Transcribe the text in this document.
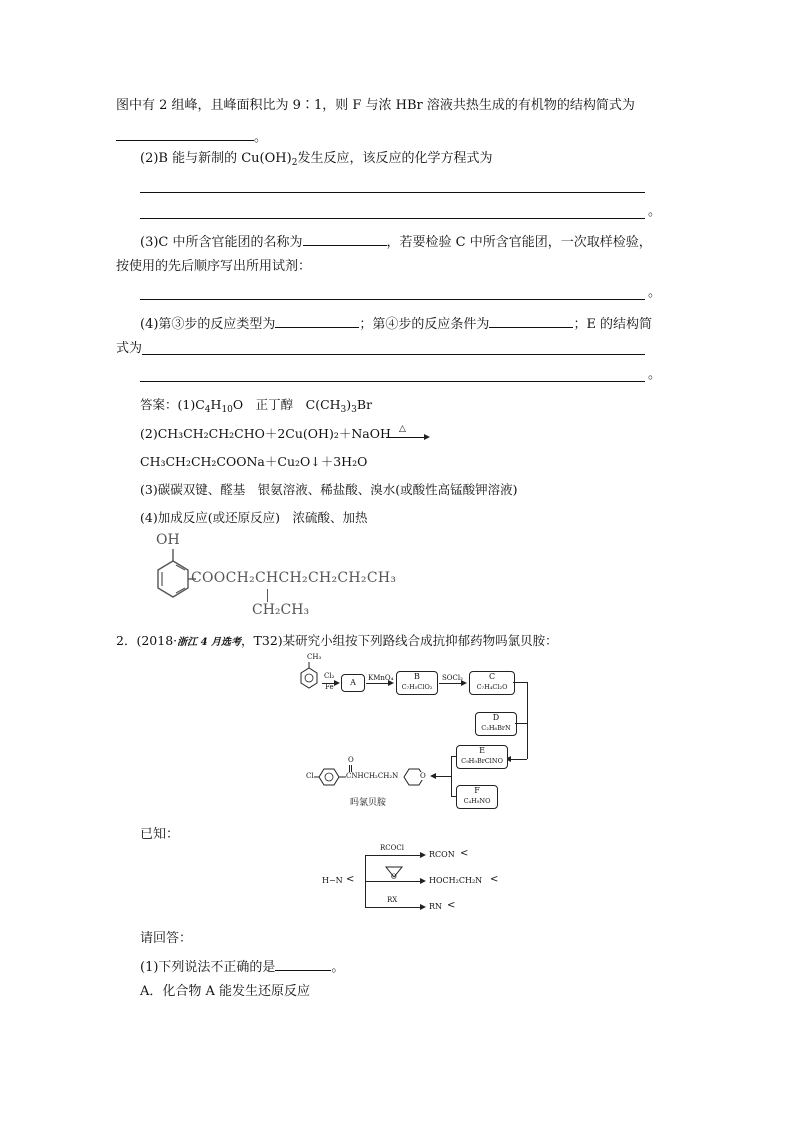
图中有 2 组峰，且峰面积比为 9∶1，则 F 与浓 HBr 溶液共热生成的有机物的结构简式为
。
(2)B 能与新制的 $Cu(OH)_2$发生反应，该反应的化学方程式为
。
(3)C 中所含官能团的名称为	，若要检验 C 中所含官能团，一次取样检验，
按使用的先后顺序写出所用试剂：
。
(4)第③步的反应类型为	；第④步的反应条件为	；E 的结构简
式为
。
答案：$(1)C_4H_{10}O$　正丁醇　$C(CH_3)_3Br$
(2)CH₃CH₂CH₂CHO＋2Cu(OH)₂＋NaOH △
CH₃CH₂CH₂COONa＋Cu₂O↓＋3H₂O
(3)碳碳双键、醛基　银氨溶液、稀盐酸、溴水(或酸性高锰酸钾溶液)
(4)加成反应(或还原反应)　浓硫酸、加热
OH
COOCH₂CHCH₂CH₂CH₂CH₃
CH₂CH₃
2．(2018·浙江 4 月选考，T32)某研究小组按下列路线合成抗抑郁药物吗氯贝胺：
CH₃
Cl₂
Fe	A	KMnO₄	B
C₇H₅ClO₂
SOCl₂	C
C₇H₄Cl₂O
D
C₂H₆BrN
E
C₉H₉BrClNO
F
C₄H₉NO
Cl
O
CNHCH₂CH₂N	O
吗氯贝胺
已知：
H−N <
RCOCl
RCON <
O	HOCH₂CH₂N <
RX
RN <
请回答：
(1)下列说法不正确的是	。
A．化合物 A 能发生还原反应
